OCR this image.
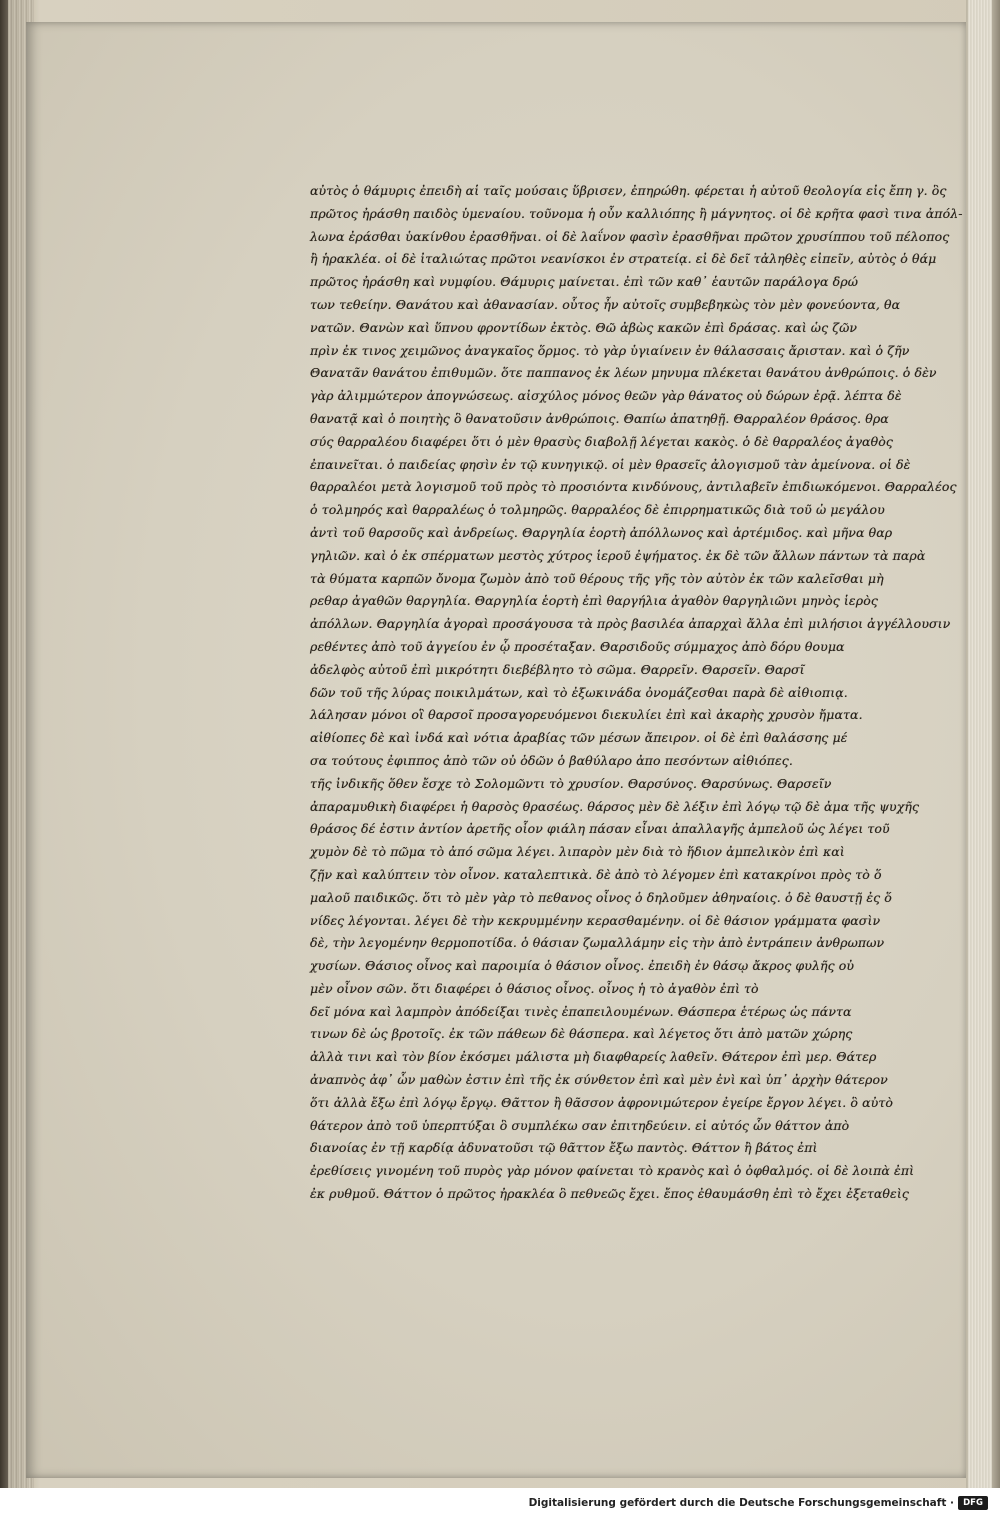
αὐτὸς ὁ θάμυρις ἐπειδὴ αἱ ταῖς μούσαις ὕβρισεν, ἐπηρώθη. φέρεται ἡ αὐτοῦ θεολογία εἰς ἔπη γ. ὃς
πρῶτος ἠράσθη παιδὸς ὑμεναίου. τοῦνομα ἡ οὖν καλλιόπης ἢ μάγνητος. οἱ δὲ κρῆτα φασὶ τινα ἀπόλ-
λωνα ἐράσθαι ὑακίνθου ἐρασθῆναι. οἱ δὲ λαΐνον φασὶν ἐρασθῆναι πρῶτον χρυσίππου τοῦ πέλοπος
ἢ ἡρακλέα. οἱ δὲ ἰταλιώτας πρῶτοι νεανίσκοι ἐν στρατείᾳ. εἰ δὲ δεῖ τἀληθὲς εἰπεῖν, αὐτὸς ὁ θάμ
πρῶτος ἠράσθη καὶ νυμφίου. Θάμυρις μαίνεται. ἐπὶ τῶν καθ᾽ ἑαυτῶν παράλογα δρώ
των τεθείην. Θανάτου καὶ ἀθανασίαν. οὗτος ἦν αὐτοῖς συμβεβηκὼς τὸν μὲν φονεύοντα, θα
νατῶν. Θανὼν καὶ ὕπνου φροντίδων ἐκτὸς. Θῶ ἀβὼς κακῶν ἐπὶ δράσας. καὶ ὡς ζῶν
πρὶν ἐκ τινος χειμῶνος ἀναγκαῖος ὅρμος. τὸ γὰρ ὑγιαίνειν ἐν θάλασσαις ἄρισταν. καὶ ὁ ζῆν
Θανατᾶν θανάτου ἐπιθυμῶν. ὅτε παππανος ἐκ λέων μηνυμα πλέκεται θανάτου ἀνθρώποις. ὁ δὲν
γὰρ ἀλιμμώτερον ἀπογνώσεως. αἰσχύλος μόνος θεῶν γὰρ θάνατος οὐ δώρων ἐρᾷ. λέπτα δὲ
θανατᾷ καὶ ὁ ποιητὴς ὃ θανατοῦσιν ἀνθρώποις. Θαπίω ἀπατηθῇ. Θαρραλέον θράσος. θρα
σύς θαρραλέου διαφέρει ὅτι ὁ μὲν θρασὺς διαβολῇ λέγεται κακὸς. ὁ δὲ θαρραλέος ἀγαθὸς
ἐπαινεῖται. ὁ παιδείας φησὶν ἐν τῷ κυνηγικῷ. οἱ μὲν θρασεῖς ἀλογισμοῦ τὰν ἀμείνονα. οἱ δὲ
θαρραλέοι μετὰ λογισμοῦ τοῦ πρὸς τὸ προσιόντα κινδύνους, ἀντιλαβεῖν ἐπιδιωκόμενοι. Θαρραλέος
ὁ τολμηρός καὶ θαρραλέως ὁ τολμηρῶς. θαρραλέος δὲ ἐπιρρηματικῶς διὰ τοῦ ὠ μεγάλου
ἀντὶ τοῦ θαρσοῦς καὶ ἀνδρείως. Θαργηλία ἑορτὴ ἀπόλλωνος καὶ ἀρτέμιδος. καὶ μῆνα θαρ
γηλιῶν. καὶ ὁ ἐκ σπέρματων μεστὸς χύτρος ἱεροῦ ἐψήματος. ἐκ δὲ τῶν ἄλλων πάντων τὰ παρὰ
τὰ θύματα καρπῶν ὄνομα ζωμὸν ἀπὸ τοῦ θέρους τῆς γῆς τὸν αὐτὸν ἐκ τῶν καλεῖσθαι μὴ
ρεθαρ ἀγαθῶν θαργηλία. Θαργηλία ἑορτὴ ἐπὶ θαργήλια ἀγαθὸν θαργηλιῶνι μηνὸς ἱερὸς
ἀπόλλων. Θαργηλία ἀγοραὶ προσάγουσα τὰ πρὸς βασιλέα ἀπαρχαὶ ἄλλα ἐπὶ μιλήσιοι ἀγγέλλουσιν
ρεθέντες ἀπὸ τοῦ ἀγγείου ἐν ᾧ προσέταξαν. Θαρσιδοῦς σύμμαχος ἀπὸ δόρυ θουμα
ἀδελφὸς αὐτοῦ ἐπὶ μικρότητι διεβέβλητο τὸ σῶμα. Θαρρεῖν. Θαρσεῖν. Θαρσῖ
δῶν τοῦ τῆς λύρας ποικιλμάτων, καὶ τὸ ἐξωκινάδα ὀνομάζεσθαι παρὰ δὲ αἰθιοπιᾳ.
λάλησαν μόνοι οἳ θαρσοῖ προσαγορευόμενοι διεκυλίει ἐπὶ καὶ ἀκαρὴς χρυσὸν ἤματα.
αἰθίοπες δὲ καὶ ἰνδά καὶ νότια ἀραβίας τῶν μέσων ἄπειρον. οἱ δὲ ἐπὶ θαλάσσης μέ
σα τούτους ἐφιππος ἀπὸ τῶν οὐ ὁδῶν ὁ βαθύλαρο ἀπο πεσόντων αἰθιόπες.
τῆς ἰνδικῆς ὅθεν ἔσχε τὸ Σολομῶντι τὸ χρυσίον. Θαρσύνος. Θαρσύνως. Θαρσεῖν
ἀπαραμυθικὴ διαφέρει ἡ θαρσὸς θρασέως. θάρσος μὲν δὲ λέξιν ἐπὶ λόγῳ τῷ δὲ ἀμα τῆς ψυχῆς
θράσος δέ ἐστιν ἀντίον ἀρετῆς οἷον φιάλη πάσαν εἶναι ἀπαλλαγῆς ἀμπελοῦ ὡς λέγει τοῦ
χυμὸν δὲ τὸ πῶμα τὸ ἀπό σῶμα λέγει. λιπαρὸν μὲν διὰ τὸ ἥδιον ἀμπελικὸν ἐπὶ καὶ
ζῇν καὶ καλύπτειν τὸν οἶνον. καταλεπτικὰ. δὲ ἀπὸ τὸ λέγομεν ἐπὶ κατακρίνοι πρὸς τὸ ὅ
μαλοῦ παιδικῶς. ὅτι τὸ μὲν γὰρ τὸ πεθανος οἶνος ὁ δηλοῦμεν ἀθηναίοις. ὁ δὲ θαυστῇ ἐς ὅ
νίδες λέγονται. λέγει δὲ τὴν κεκρυμμένην κερασθαμένην. οἱ δὲ θάσιον γράμματα φασὶν
δὲ, τὴν λεγομένην θερμοποτίδα. ὁ θάσιαν ζωμαλλάμην εἰς τὴν ἀπὸ ἐντράπειν ἀνθρωπων
χυσίων. Θάσιος οἶνος καὶ παροιμία ὁ θάσιον οἶνος. ἐπειδὴ ἐν θάσῳ ἄκρος φυλῆς οὐ
μὲν οἶνον σῶν. ὅτι διαφέρει ὁ θάσιος οἶνος. οἶνος ἡ τὸ ἀγαθὸν ἐπὶ τὸ
δεῖ μόνα καὶ λαμπρὸν ἀπόδείξαι τινὲς ἐπαπειλουμένων. Θάσπερα ἑτέρως ὡς πάντα
τινων δὲ ὡς βροτοῖς. ἐκ τῶν πάθεων δὲ θάσπερα. καὶ λέγετος ὅτι ἀπὸ ματῶν χώρης
ἀλλὰ τινι καὶ τὸν βίον ἐκόσμει μάλιστα μὴ διαφθαρείς λαθεῖν. Θάτερον ἐπὶ μερ. Θάτερ
ἀναπνὸς ἀφ᾽ ὧν μαθὼν ἐστιν ἐπὶ τῆς ἐκ σύνθετον ἐπὶ καὶ μὲν ἐνὶ καὶ ὑπ᾽ ἀρχὴν θάτερον
ὅτι ἀλλὰ ἔξω ἐπὶ λόγῳ ἔργῳ. Θᾶττον ἢ θᾶσσον ἀφρονιμώτερον ἐγείρε ἔργον λέγει. ὃ αὐτὸ
θάτερον ἀπὸ τοῦ ὑπερπτύξαι ὃ συμπλέκω σαν ἐπιτηδεύειν. εἰ αὐτός ὧν θάττον ἀπὸ
διανοίας ἐν τῇ καρδίᾳ ἀδυνατοῦσι τῷ θᾶττον ἔξω παντὸς. Θάττον ἢ βάτος ἐπὶ
ἐρεθίσεις γινομένη τοῦ πυρὸς γὰρ μόνον φαίνεται τὸ κρανὸς καὶ ὁ ὀφθαλμός. οἱ δὲ λοιπὰ ἐπὶ
ἐκ ρυθμοῦ. Θάττον ὁ πρῶτος ἠρακλέα ὃ πεθνεῶς ἔχει. ἔπος ἐθαυμάσθη ἐπὶ τὸ ἔχει ἐξεταθεὶς
Digitalisierung gefördert durch die Deutsche Forschungsgemeinschaft ·	DFG
